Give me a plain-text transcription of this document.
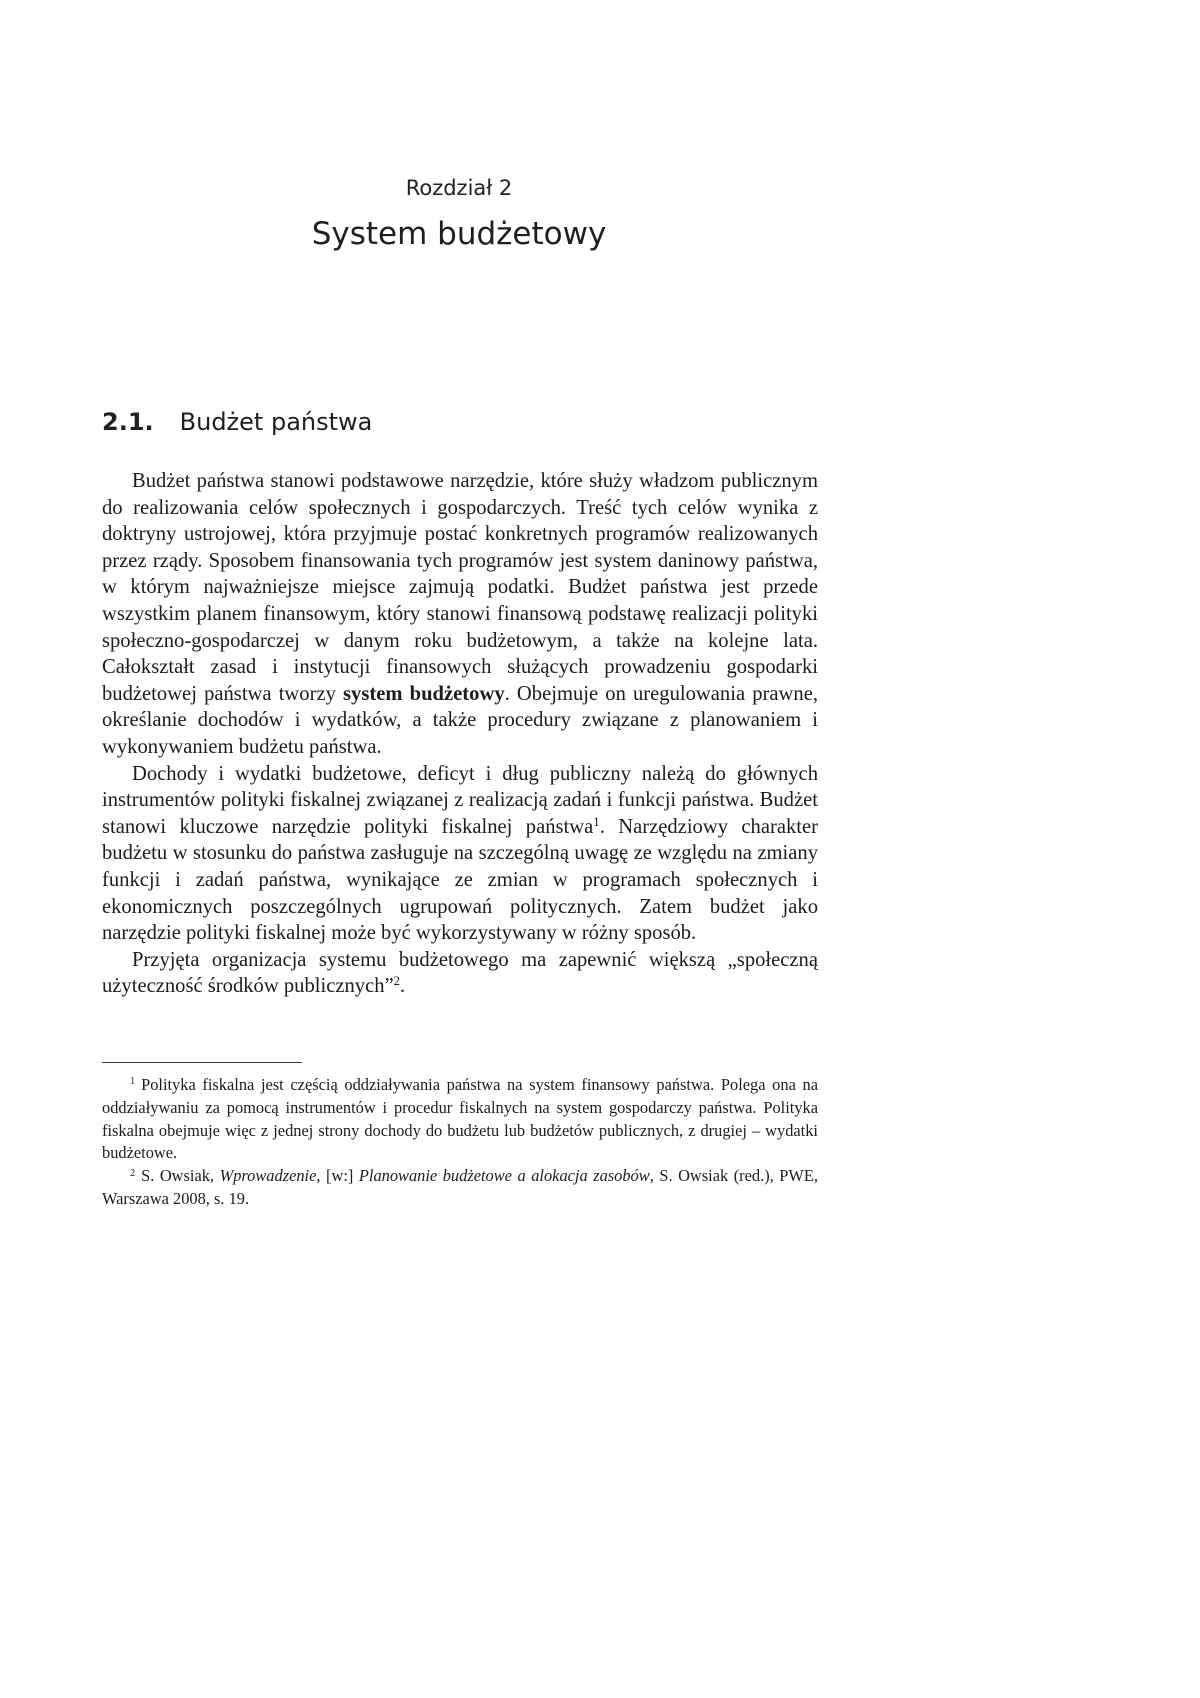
Rozdział 2
System budżetowy
2.1. Budżet państwa

Budżet państwa stanowi podstawowe narzędzie, które służy władzom publicznym do realizowania celów społecznych i gospodarczych. Treść tych celów wynika z doktryny ustrojowej, która przyjmuje postać konkretnych programów realizowanych przez rządy. Sposobem finansowania tych programów jest system daninowy państwa, w którym najważniejsze miejsce zajmują podatki. Budżet państwa jest przede wszystkim planem finansowym, który stanowi finansową podstawę realizacji polityki społeczno-gospodarczej w danym roku budżetowym, a także na kolejne lata. Całokształt zasad i instytucji finansowych służących prowadzeniu gospodarki budżetowej państwa tworzy system budżetowy. Obejmuje on uregulowania prawne, określanie dochodów i wydatków, a także procedury związane z planowaniem i wykonywaniem budżetu państwa.

Dochody i wydatki budżetowe, deficyt i dług publiczny należą do głównych instrumentów polityki fiskalnej związanej z realizacją zadań i funkcji państwa. Budżet stanowi kluczowe narzędzie polityki fiskalnej państwa$^1$. Narzędziowy charakter budżetu w stosunku do państwa zasługuje na szczególną uwagę ze względu na zmiany funkcji i zadań państwa, wynikające ze zmian w programach społecznych i ekonomicznych poszczególnych ugrupowań politycznych. Zatem budżet jako narzędzie polityki fiskalnej może być wykorzystywany w różny sposób.

Przyjęta organizacja systemu budżetowego ma zapewnić większą „społeczną użyteczność środków publicznych”$^2$.

$^1$ Polityka fiskalna jest częścią oddziaływania państwa na system finansowy państwa. Polega ona na oddziaływaniu za pomocą instrumentów i procedur fiskalnych na system gospodarczy państwa. Polityka fiskalna obejmuje więc z jednej strony dochody do budżetu lub budżetów publicznych, z drugiej – wydatki budżetowe.

$^2$ S. Owsiak, Wprowadzenie, [w:] Planowanie budżetowe a alokacja zasobów, S. Owsiak (red.), PWE, Warszawa 2008, s. 19.
